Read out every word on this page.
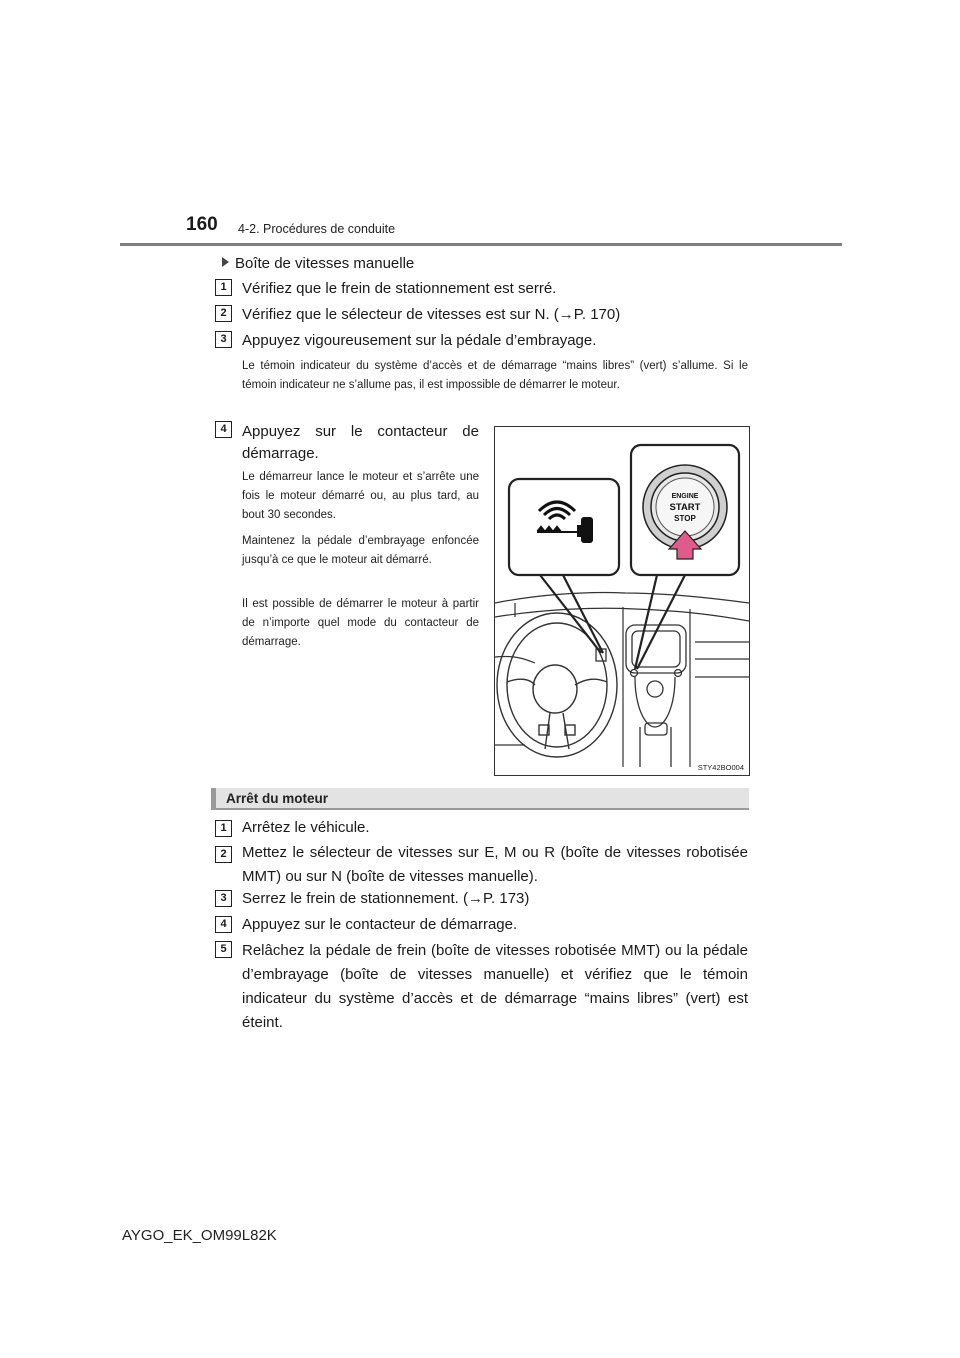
160 4-2. Procédures de conduite
Boîte de vitesses manuelle
1	Vérifiez que le frein de stationnement est serré.
2	Vérifiez que le sélecteur de vitesses est sur N. (→P. 170)
3	Appuyez vigoureusement sur la pédale d’embrayage.
Le témoin indicateur du système d’accès et de démarrage “mains libres” (vert) s’allume. Si le témoin indicateur ne s’allume pas, il est impossible de démarrer le moteur.
4	Appuyez sur le contacteur de
démarrage.
Le démarreur lance le moteur et s’arrête une fois le moteur démarré ou, au plus tard, au bout 30 secondes.
Maintenez la pédale d’embrayage enfoncée jusqu’à ce que le moteur ait démarré.
Il est possible de démarrer le moteur à partir de n’importe quel mode du contacteur de démarrage.
ENGINE
START
STOP
STY42BO004
Arrêt du moteur
1	Arrêtez le véhicule.
2	Mettez le sélecteur de vitesses sur E, M ou R (boîte de vitesses robotisée MMT) ou sur N (boîte de vitesses manuelle).
3	Serrez le frein de stationnement. (→P. 173)
4	Appuyez sur le contacteur de démarrage.
5	Relâchez la pédale de frein (boîte de vitesses robotisée MMT) ou la pédale d’embrayage (boîte de vitesses manuelle) et vérifiez que le témoin indicateur du système d’accès et de démarrage “mains libres” (vert) est éteint.
AYGO_EK_OM99L82K
